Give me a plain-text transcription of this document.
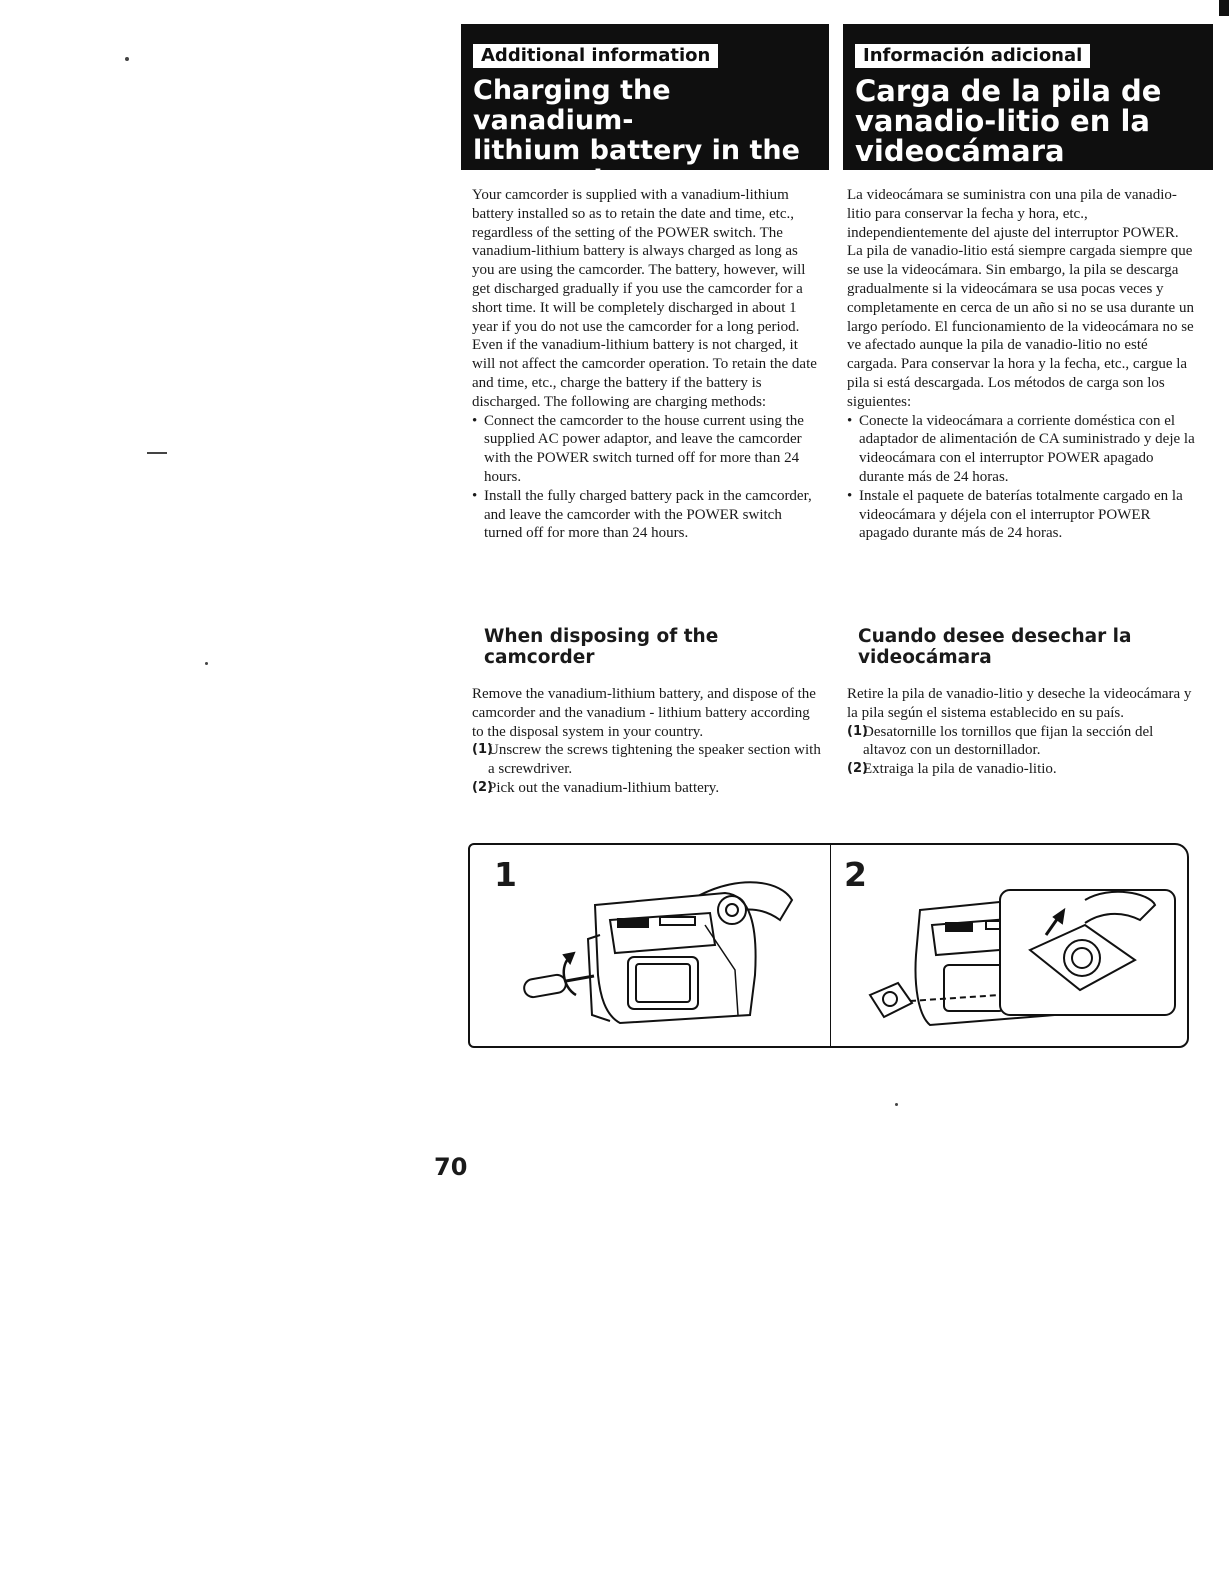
Additional information
Charging the vanadium-
lithium battery in the
camcorder
Información adicional
Carga de la pila de
vanadio-litio en la
videocámara

Your camcorder is supplied with a vanadium-lithium battery installed so as to retain the date and time, etc., regardless of the setting of the POWER switch. The vanadium-lithium battery is always charged as long as you are using the camcorder. The battery, however, will get discharged gradually if you use the camcorder for a short time. It will be completely discharged in about 1 year if you do not use the camcorder for a long period. Even if the vanadium-lithium battery is not charged, it will not affect the camcorder operation. To retain the date and time, etc., charge the battery if the battery is discharged. The following are charging methods:

• Connect the camcorder to the house current using the supplied AC power adaptor, and leave the camcorder with the POWER switch turned off for more than 24 hours.
• Install the fully charged battery pack in the camcorder, and leave the camcorder with the POWER switch turned off for more than 24 hours.

La videocámara se suministra con una pila de vanadio-litio para conservar la fecha y hora, etc., independientemente del ajuste del interruptor POWER. La pila de vanadio-litio está siempre cargada siempre que se use la videocámara. Sin embargo, la pila se descarga gradualmente si la videocámara se usa pocas veces y completamente en cerca de un año si no se usa durante un largo período. El funcionamiento de la videocámara no se ve afectado aunque la pila de vanadio-litio no esté cargada. Para conservar la hora y la fecha, etc., cargue la pila si está descargada. Los métodos de carga son los siguientes:

• Conecte la videocámara a corriente doméstica con el adaptador de alimentación de CA suministrado y deje la videocámara con el interruptor POWER apagado durante más de 24 horas.
• Instale el paquete de baterías totalmente cargado en la videocámara y déjela con el interruptor POWER apagado durante más de 24 horas.
When disposing of the
camcorder
Cuando desee desechar la
videocámara

Remove the vanadium-lithium battery, and dispose of the camcorder and the vanadium - lithium battery according to the disposal system in your country.

(1)
Unscrew the screws tightening the speaker section with a screwdriver.
(2)
Pick out the vanadium-lithium battery.

Retire la pila de vanadio-litio y deseche la videocámara y la pila según el sistema establecido en su país.

(1)
Desatornille los tornillos que fijan la sección del altavoz con un destornillador.
(2)
Extraiga la pila de vanadio-litio.
1	2
70
